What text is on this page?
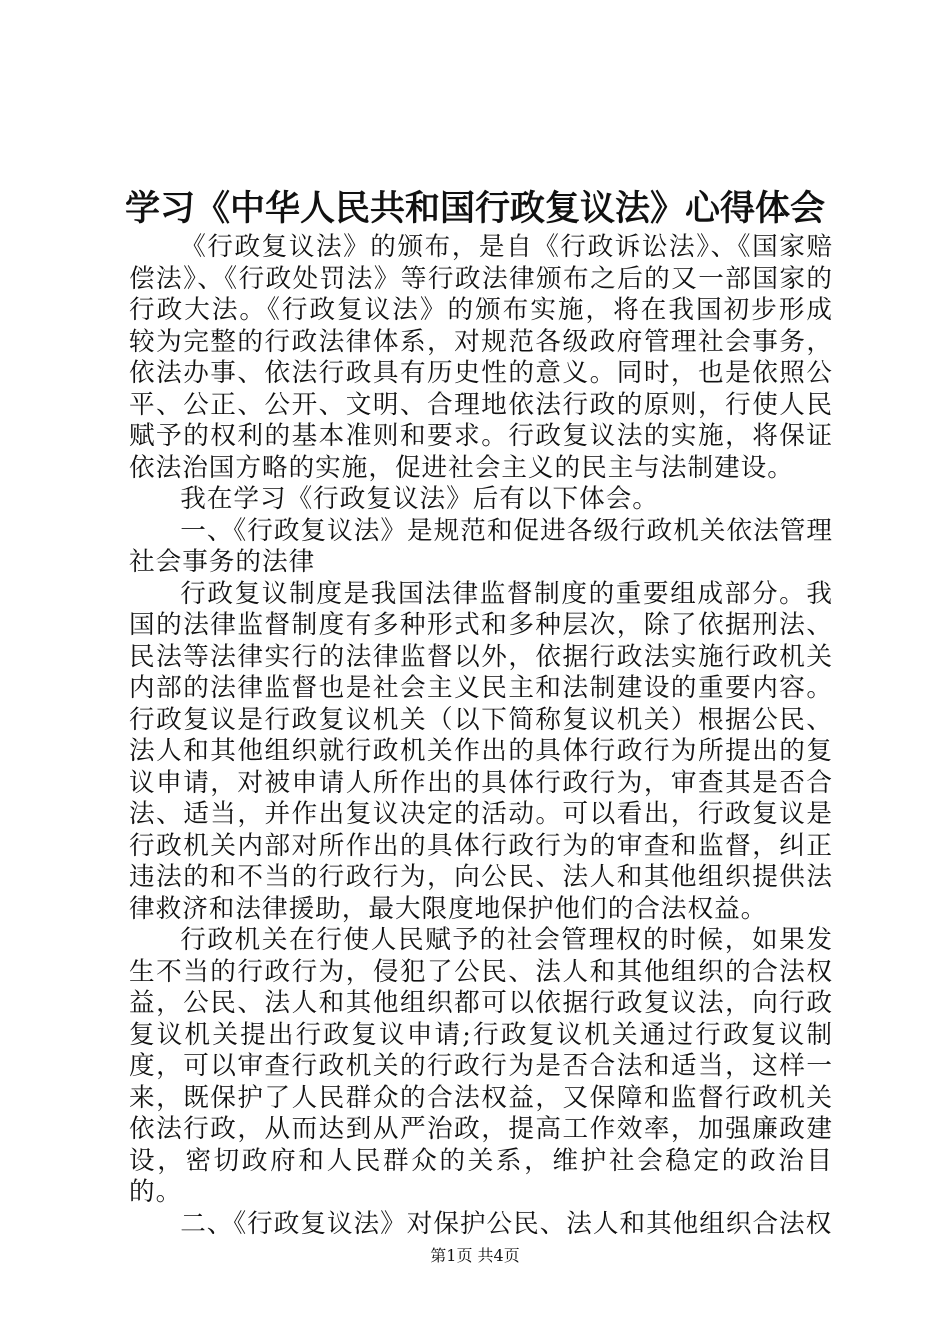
学习《中华人民共和国行政复议法》心得体会

《行政复议法》的颁布，是自《行政诉讼法》、《国家赔偿法》、《行政处罚法》等行政法律颁布之后的又一部国家的行政大法。《行政复议法》的颁布实施，将在我国初步形成较为完整的行政法律体系，对规范各级政府管理社会事务，依法办事、依法行政具有历史性的意义。同时，也是依照公平、公正、公开、文明、合理地依法行政的原则，行使人民赋予的权利的基本准则和要求。行政复议法的实施，将保证依法治国方略的实施，促进社会主义的民主与法制建设。

我在学习《行政复议法》后有以下体会。

一、《行政复议法》是规范和促进各级行政机关依法管理社会事务的法律

行政复议制度是我国法律监督制度的重要组成部分。我国的法律监督制度有多种形式和多种层次，除了依据刑法、民法等法律实行的法律监督以外，依据行政法实施行政机关内部的法律监督也是社会主义民主和法制建设的重要内容。行政复议是行政复议机关（以下简称复议机关）根据公民、法人和其他组织就行政机关作出的具体行政行为所提出的复议申请，对被申请人所作出的具体行政行为，审查其是否合法、适当，并作出复议决定的活动。可以看出，行政复议是行政机关内部对所作出的具体行政行为的审查和监督，纠正违法的和不当的行政行为，向公民、法人和其他组织提供法律救济和法律援助，最大限度地保护他们的合法权益。

行政机关在行使人民赋予的社会管理权的时候，如果发生不当的行政行为，侵犯了公民、法人和其他组织的合法权益，公民、法人和其他组织都可以依据行政复议法，向行政复议机关提出行政复议申请;行政复议机关通过行政复议制度，可以审查行政机关的行政行为是否合法和适当，这样一来，既保护了人民群众的合法权益，又保障和监督行政机关依法行政，从而达到从严治政，提高工作效率，加强廉政建设，密切政府和人民群众的关系，维护社会稳定的政治目的。

二、《行政复议法》对保护公民、法人和其他组织合法权

第1页 共4页
